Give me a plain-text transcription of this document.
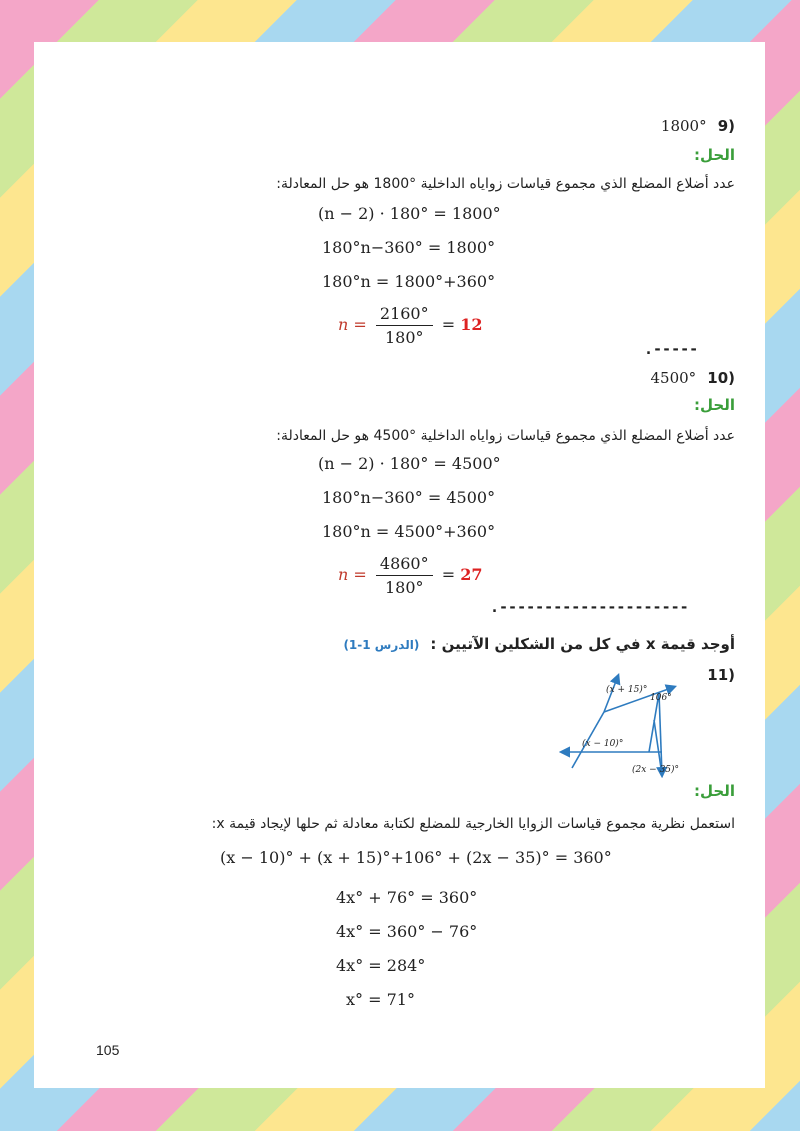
(9 1800°
الحل:
عدد أضلاع المضلع الذي مجموع قياسات زواياه الداخلية °1800 هو حل المعادلة:
(n − 2) · 180° = 1800°
180°n−360° = 1800°
180°n = 1800°+360°
$n = \frac{2160^\circ}{180^\circ} = 12$
.-----
(10 4500°
الحل:
عدد أضلاع المضلع الذي مجموع قياسات زواياه الداخلية °4500 هو حل المعادلة:
(n − 2) · 180° = 4500°
180°n−360° = 4500°
180°n = 4500°+360°
$n = \frac{4860^\circ}{180^\circ} = 27$
.---------------------
أوجد قيمة x في كل من الشكلين الآتيين : (الدرس 1-1)
(11
(x + 15)°
106°
(x − 10)°
(2x − 35)°
الحل:
استعمل نظرية مجموع قياسات الزوايا الخارجية للمضلع لكتابة معادلة ثم حلها لإيجاد قيمة x:
(x − 10)° + (x + 15)°+106° + (2x − 35)° = 360°
4x° + 76° = 360°
4x° = 360° − 76°
4x° = 284°
x° = 71°
105
